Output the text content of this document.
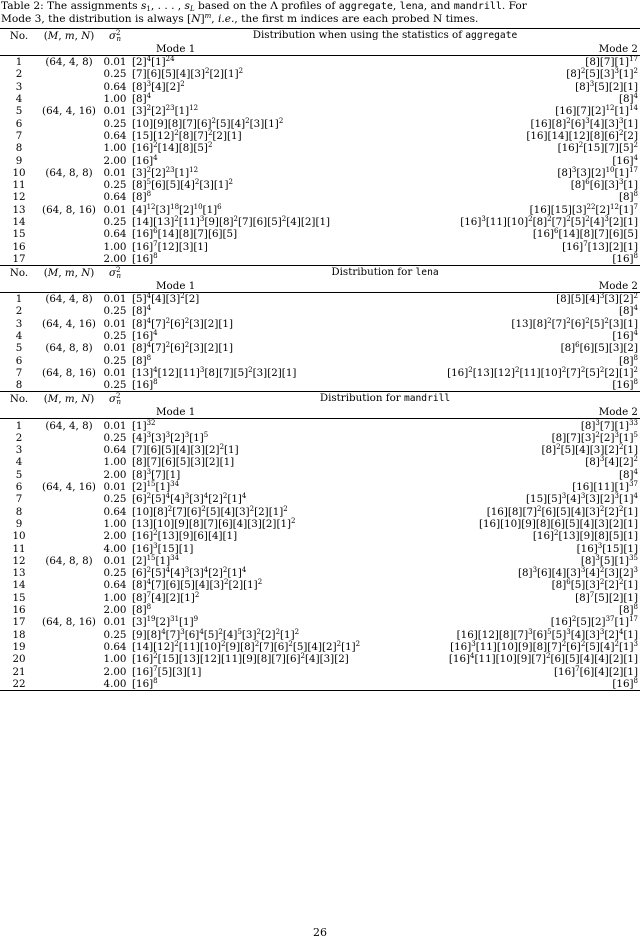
Table 2: The assignments $s_1$, . . . , $s_L$ based on the Λ profiles of aggregate, lena, and mandrill. For
Mode 3, the distribution is always $[N]^m$, i.e., the first m indices are each probed N times.
No.	(M, m, N)	$\sigma^2_n$	Distribution when using the statistics of aggregate	
			Mode 1	Mode 2
1	(64, 4, 8)	0.01	$[2]^4[1]^{24}$	$[8][7][1]^{17}$
2		0.25	$[7][6][5][4][3]^2[2][1]^2$	$[8]^2[5][3]^3[1]^2$
3		0.64	$[8]^3[4][2]^2$	$[8]^3[5][2][1]$
4		1.00	$[8]^4$	$[8]^4$
5	(64, 4, 16)	0.01	$[3]^2[2]^{23}[1]^{12}$	$[16][7][2]^{12}[1]^{14}$
6		0.25	$[10][9][8][7][6]^2[5][4]^2[3][1]^2$	$[16][8]^2[6]^3[4][3]^3[1]$
7		0.64	$[15][12]^2[8][7]^2[2][1]$	$[16][14][12][8][6]^2[2]$
8		1.00	$[16]^2[14][8][5]^2$	$[16]^2[15][7][5]^2$
9		2.00	$[16]^4$	$[16]^4$
10	(64, 8, 8)	0.01	$[3]^2[2]^{23}[1]^{12}$	$[8]^3[3][2]^{10}[1]^{17}$
11		0.25	$[8]^5[6][5][4]^2[3][1]^2$	$[8]^6[6][3]^3[1]$
12		0.64	$[8]^8$	$[8]^8$
13	(64, 8, 16)	0.01	$[4]^{12}[3]^{18}[2]^{10}[1]^6$	$[16][15][3]^{22}[2]^{12}[1]^7$
14		0.25	$[14][13]^2[11]^3[9][8]^2[7][6][5]^2[4][2][1]$	$[16]^3[11][10]^2[8]^2[7]^2[5]^2[4]^3[2][1]$
15		0.64	$[16]^6[14][8][7][6][5]$	$[16]^6[14][8][7][6][5]$
16		1.00	$[16]^7[12][3][1]$	$[16]^7[13][2][1]$
17		2.00	$[16]^8$	$[16]^8$
No.	(M, m, N)	$\sigma^2_n$	Distribution for lena	
			Mode 1	Mode 2
1	(64, 4, 8)	0.01	$[5]^4[4][3]^2[2]$	$[8][5][4]^3[3][2]^2$
2		0.25	$[8]^4$	$[8]^4$
3	(64, 4, 16)	0.01	$[8]^4[7]^2[6]^2[3][2][1]$	$[13][8]^2[7]^2[6]^2[5]^2[3][1]$
4		0.25	$[16]^4$	$[16]^4$
5	(64, 8, 8)	0.01	$[8]^4[7]^2[6]^2[3][2][1]$	$[8]^6[6][5][3][2]$
6		0.25	$[8]^8$	$[8]^8$
7	(64, 8, 16)	0.01	$[13]^4[12][11]^3[8][7][5]^2[3][2][1]$	$[16]^2[13][12]^2[11][10]^2[7]^2[5]^2[2][1]^2$
8		0.25	$[16]^8$	$[16]^8$
No.	(M, m, N)	$\sigma^2_n$	Distribution for mandrill	
			Mode 1	Mode 2
1	(64, 4, 8)	0.01	$[1]^{32}$	$[8]^3[7][1]^{33}$
2		0.25	$[4]^3[3]^3[2]^3[1]^5$	$[8][7][3]^2[2]^3[1]^5$
3		0.64	$[7][6][5][4][3][2]^2[1]$	$[8]^2[5][4][3][2]^2[1]$
4		1.00	[8][7][6][5][3][2][1]	$[8]^3[4][2]^2$
5		2.00	$[8]^3[7][1]$	$[8]^4$
6	(64, 4, 16)	0.01	$[2]^{15}[1]^{34}$	$[16][11][1]^{37}$
7		0.25	$[6]^2[5]^4[4]^3[3]^4[2]^2[1]^4$	$[15][5]^3[4]^3[3][2]^3[1]^4$
8		0.64	$[10][8]^2[7][6]^2[5][4][3]^2[2][1]^2$	$[16][8][7]^2[6][5][4][3]^2[2]^2[1]$
9		1.00	$[13][10][9][8][7][6][4][3][2][1]^2$	[16][10][9][8][6][5][4][3][2][1]
10		2.00	$[16]^2[13][9][6][4][1]$	$[16]^2[13][9][8][5][1]$
11		4.00	$[16]^3[15][1]$	$[16]^3[15][1]$
12	(64, 8, 8)	0.01	$[2]^{15}[1]^{34}$	$[8]^3[5][1]^{35}$
13		0.25	$[6]^2[5]^4[4]^3[3]^4[2]^2[1]^4$	$[8]^3[6][4][3]^3[4]^2[3][2]^3$
14		0.64	$[8]^4[7][6][5][4][3]^2[2][1]^2$	$[8]^6[5][3]^2[2]^2[1]$
15		1.00	$[8]^7[4][2][1]^2$	$[8]^7[5][2][1]$
16		2.00	$[8]^8$	$[8]^8$
17	(64, 8, 16)	0.01	$[3]^{19}[2]^{31}[1]^9$	$[16]^2[5][2]^{37}[1]^{17}$
18		0.25	$[9][8]^4[7]^3[6]^4[5]^2[4]^5[3]^2[2]^2[1]^2$	$[16][12][8][7]^3[6]^5[5]^3[4][3]^3[2]^4[1]$
19		0.64	$[14][12]^2[11][10]^2[9][8]^2[7][6]^2[5][4][2]^2[1]^2$	$[16]^3[11][10][9][8][7]^2[6]^2[5][4]^2[1]^3$
20		1.00	$[16]^2[15][13][12][11][9][8][7][6]^2[4][3][2]$	$[16]^4[11][10][9][7]^2[6][5][4][4][2][1]$
21		2.00	$[16]^7[5][3][1]$	$[16]^7[6][4][2][1]$
22		4.00	$[16]^8$	$[16]^8$

26
